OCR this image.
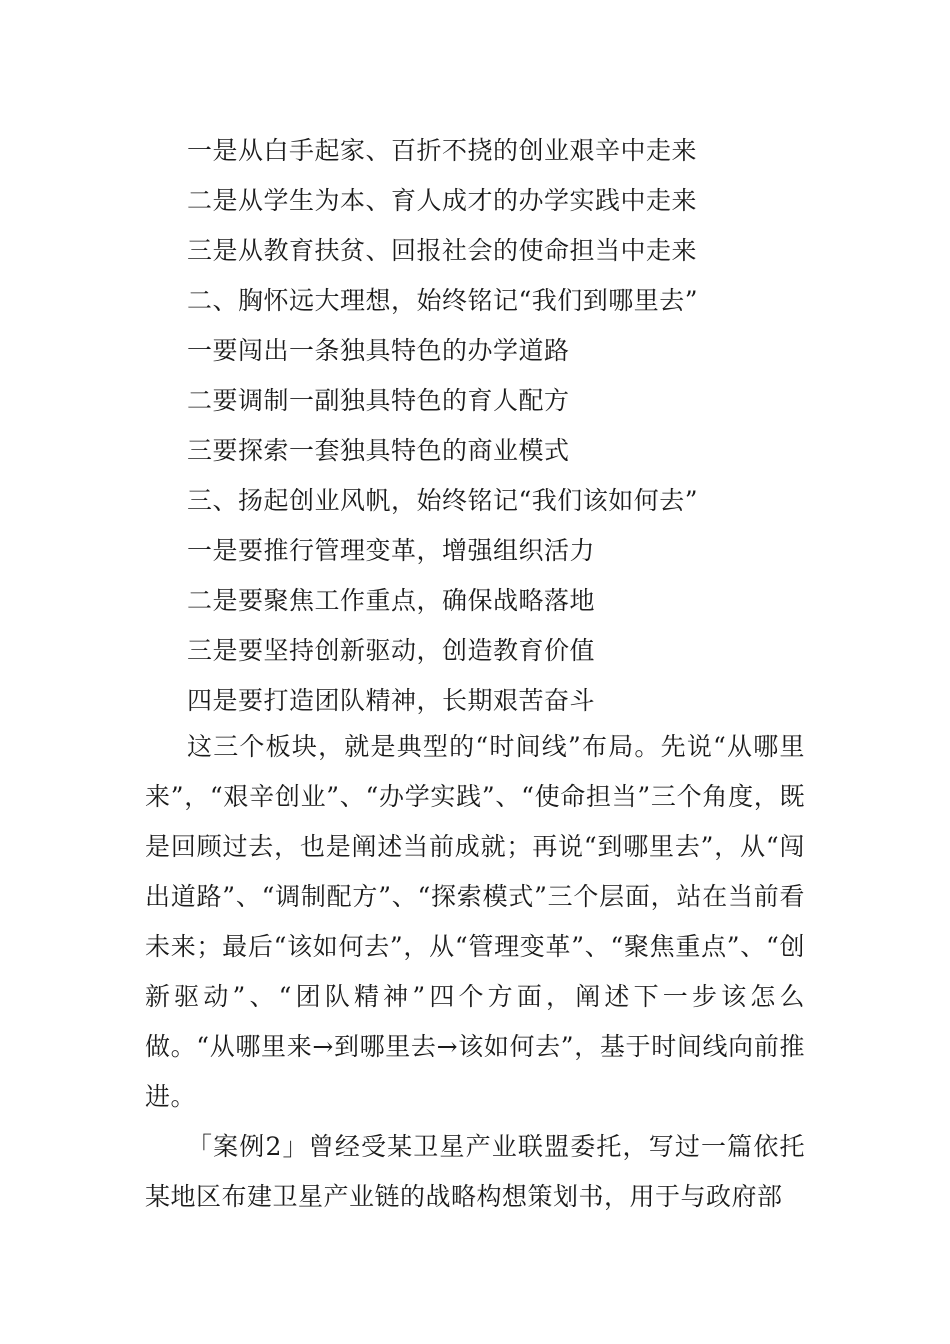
一是从白手起家、百折不挠的创业艰辛中走来
二是从学生为本、育人成才的办学实践中走来
三是从教育扶贫、回报社会的使命担当中走来
二、胸怀远大理想，始终铭记“我们到哪里去”
一要闯出一条独具特色的办学道路
二要调制一副独具特色的育人配方
三要探索一套独具特色的商业模式
三、扬起创业风帆，始终铭记“我们该如何去”
一是要推行管理变革，增强组织活力
二是要聚焦工作重点，确保战略落地
三是要坚持创新驱动，创造教育价值
四是要打造团队精神，长期艰苦奋斗

这三个板块，就是典型的“时间线”布局。先说“从哪里来”，“艰辛创业”、“办学实践”、“使命担当”三个角度，既是回顾过去，也是阐述当前成就；再说“到哪里去”，从“闯出道路”、“调制配方”、“探索模式”三个层面，站在当前看未来；最后“该如何去”，从“管理变革”、“聚焦重点”、“创新驱动”、“团队精神”四个方面，阐述下一步该怎么做。“从哪里来→到哪里去→该如何去”，基于时间线向前推进。

「案例2」曾经受某卫星产业联盟委托，写过一篇依托某地区布建卫星产业链的战略构想策划书，用于与政府部
